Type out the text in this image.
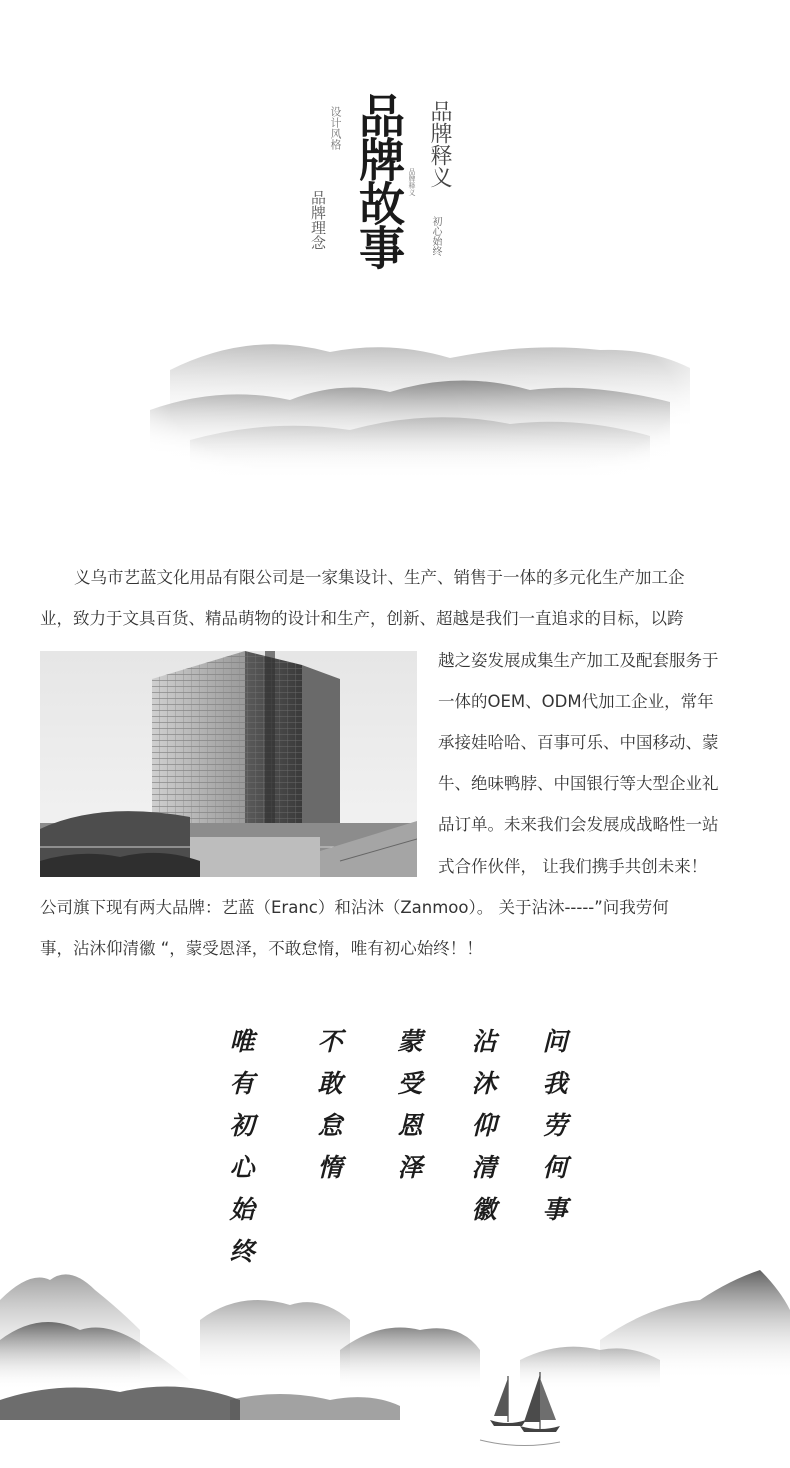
品牌故事 品牌释义
品牌理念
设计风格
初心始终
品牌释义
义乌市艺蓝文化用品有限公司是一家集设计、生产、销售于一体的多元化生产加工企
业，致力于文具百货、精品萌物的设计和生产，创新、超越是我们一直追求的目标，以跨
越之姿发展成集生产加工及配套服务于
一体的OEM、ODM代加工企业，常年
承接娃哈哈、百事可乐、中国移动、蒙
牛、绝味鸭脖、中国银行等大型企业礼
品订单。未来我们会发展成战略性一站
式合作伙伴， 让我们携手共创未来！
公司旗下现有两大品牌：艺蓝（Eranc）和沾沐（Zanmoo）。 关于沾沐-----”问我劳何
事，沾沐仰清徽 “，蒙受恩泽，不敢怠惰，唯有初心始终！！
问我劳何事
沾沐仰清徽
蒙受恩泽
不敢怠惰
唯有初心始终
